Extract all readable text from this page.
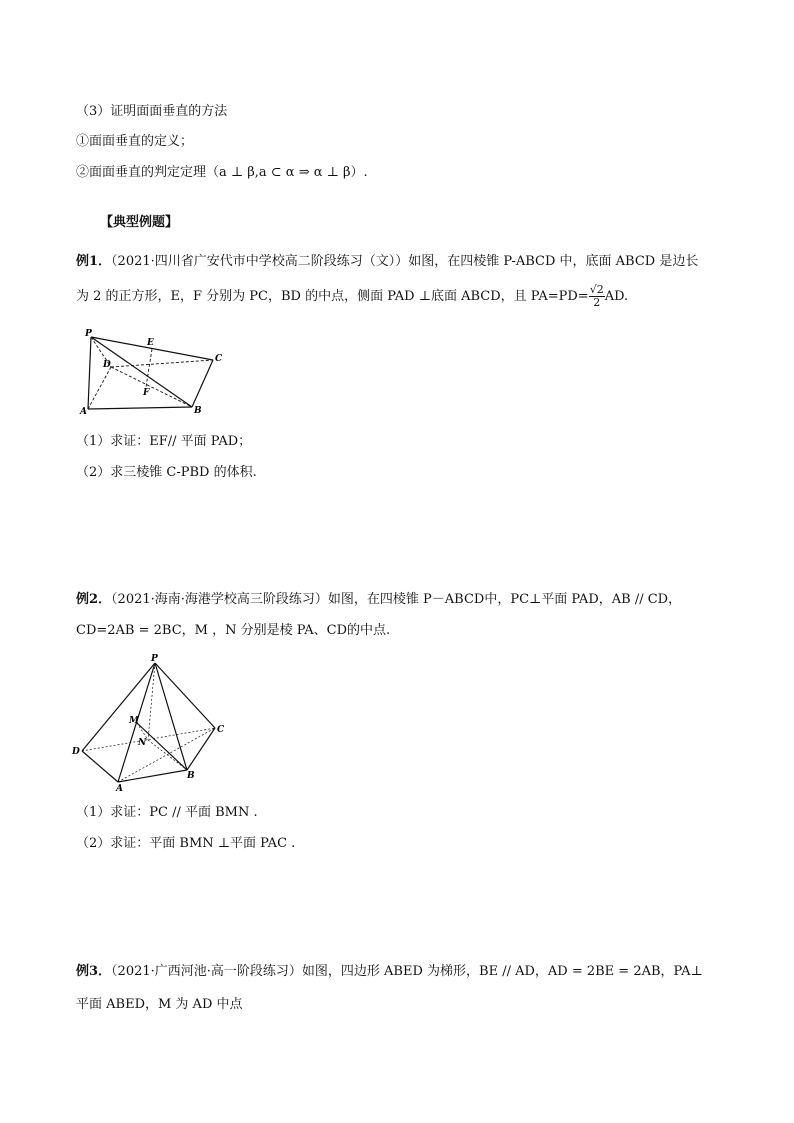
（3）证明面面垂直的方法
①面面垂直的定义；
②面面垂直的判定定理（a ⊥ β,a ⊂ α ⇒ α ⊥ β）.
【典型例题】
例1．（2021·四川省广安代市中学校高二阶段练习（文））如图，在四棱锥 P-ABCD 中，底面 ABCD 是边长
为 2 的正方形，E，F 分别为 PC，BD 的中点，侧面 PAD ⊥底面 ABCD，且 $PA=PD= \frac{√2}{2}$ AD.
P
E
C
D
F
A	B
（1）求证：EF// 平面 PAD；
（2）求三棱锥 C-PBD 的体积.
例2．（2021·海南·海港学校高三阶段练习）如图，在四棱锥 P－ABCD中，PC⊥平面 PAD，AB // CD，
CD=2AB = 2BC，M ，N 分别是棱 PA、CD的中点.
P
M
C
N
D
A
B
（1）求证：PC // 平面 BMN .
（2）求证：平面 BMN ⊥平面 PAC .
例3．（2021·广西河池·高一阶段练习）如图，四边形 ABED 为梯形，BE // AD，AD = 2BE = 2AB，PA⊥
平面 ABED，M 为 AD 中点
